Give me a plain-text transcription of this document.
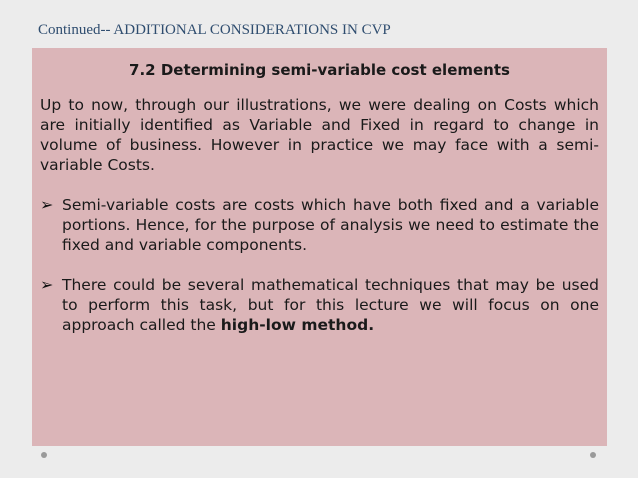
Continued-- ADDITIONAL CONSIDERATIONS IN CVP
7.2 Determining semi-variable cost elements
Up to now, through our illustrations, we were dealing on Costs which are initially identified as Variable and Fixed in regard to change in volume of business. However in practice we may face with a semi-variable Costs.
➢ Semi-variable costs are costs which have both fixed and a variable portions. Hence, for the purpose of analysis we need to estimate the fixed and variable components.
➢ There could be several mathematical techniques that may be used to perform this task, but for this lecture we will focus on one approach called the high-low method.
